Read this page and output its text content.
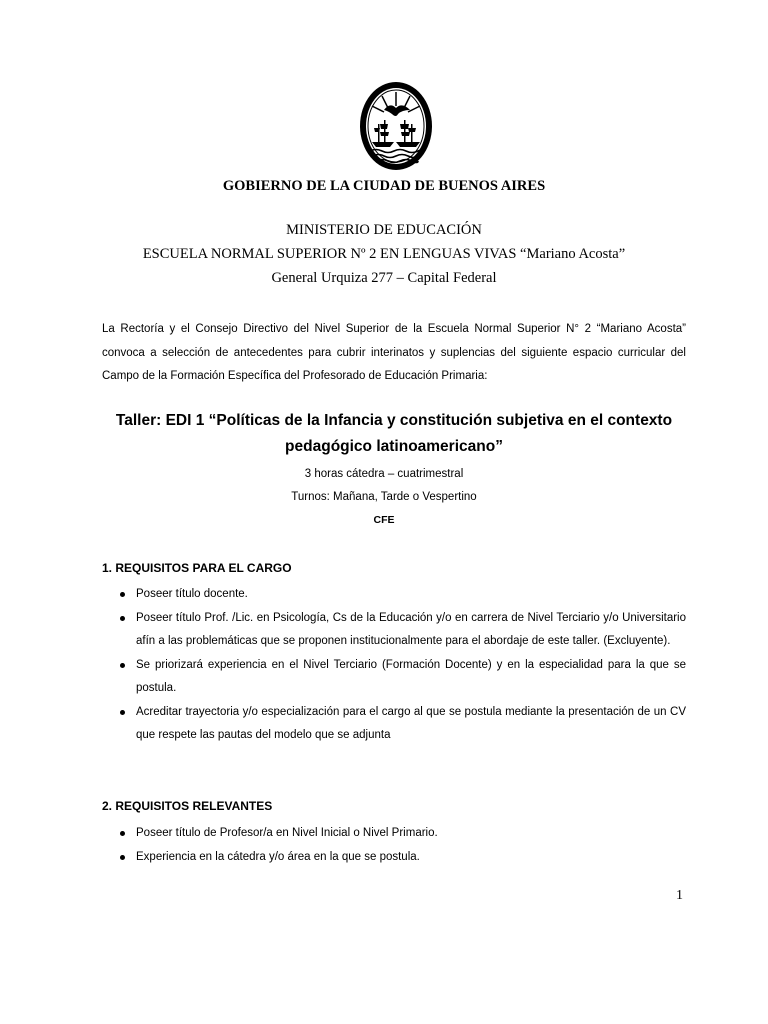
GOBIERNO DE LA CIUDAD DE BUENOS AIRES
MINISTERIO DE EDUCACIÓN
ESCUELA NORMAL SUPERIOR Nº 2 EN LENGUAS VIVAS “Mariano Acosta”
General Urquiza 277 – Capital Federal
La Rectoría y el Consejo Directivo del Nivel Superior de la Escuela Normal Superior N° 2 “Mariano Acosta”
convoca a selección de antecedentes para cubrir interinatos y suplencias del siguiente espacio curricular del
Campo de la Formación Específica del Profesorado de Educación Primaria:
Taller: EDI 1 “Políticas de la Infancia y constitución subjetiva en el contexto pedagógico latinoamericano”
3 horas cátedra – cuatrimestral
Turnos: Mañana, Tarde o Vespertino
CFE
1. REQUISITOS PARA EL CARGO
Poseer título docente.
Poseer título Prof. /Lic. en Psicología, Cs de la Educación y/o en carrera de Nivel Terciario y/o Universitario afín a las problemáticas que se proponen institucionalmente para el abordaje de este taller. (Excluyente).
Se priorizará experiencia en el Nivel Terciario (Formación Docente) y en la especialidad para la que se postula.
Acreditar trayectoria y/o especialización para el cargo al que se postula mediante la presentación de un CV que respete las pautas del modelo que se adjunta
2. REQUISITOS RELEVANTES
Poseer título de Profesor/a en Nivel Inicial o Nivel Primario.
Experiencia en la cátedra y/o área en la que se postula.
1
